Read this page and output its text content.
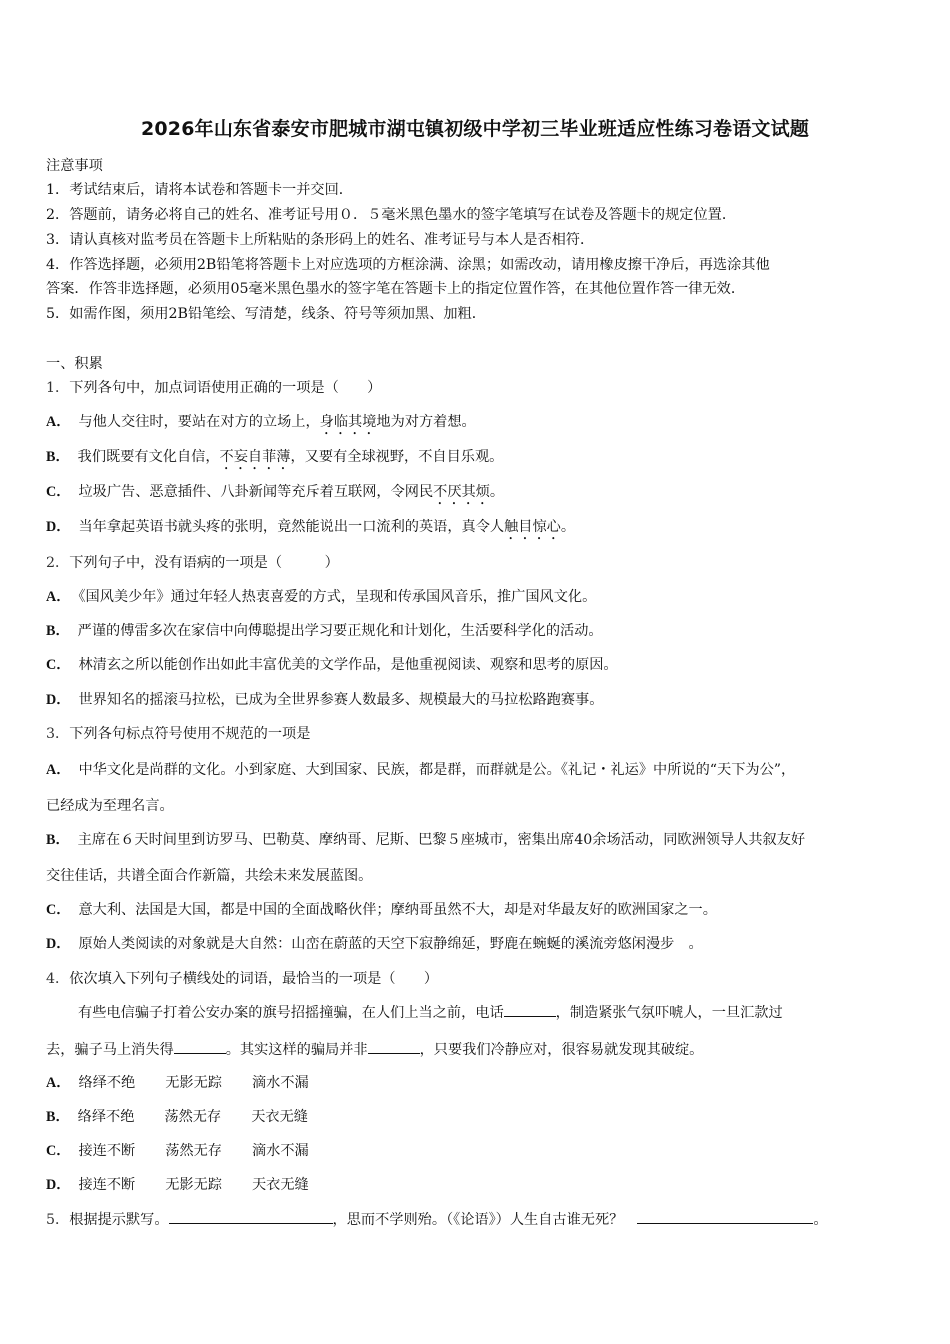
2026年山东省泰安市肥城市湖屯镇初级中学初三毕业班适应性练习卷语文试题
注意事项
1．考试结束后，请将本试卷和答题卡一并交回．
2．答题前，请务必将自己的姓名、准考证号用０．５毫米黑色墨水的签字笔填写在试卷及答题卡的规定位置．
3．请认真核对监考员在答题卡上所粘贴的条形码上的姓名、准考证号与本人是否相符．
4．作答选择题，必须用2B铅笔将答题卡上对应选项的方框涂满、涂黑；如需改动，请用橡皮擦干净后，再选涂其他
答案．作答非选择题，必须用05毫米黑色墨水的签字笔在答题卡上的指定位置作答，在其他位置作答一律无效．
5．如需作图，须用2B铅笔绘、写清楚，线条、符号等须加黑、加粗．
一、积累
1．下列各句中，加点词语使用正确的一项是（　　）
A． 与他人交往时，要站在对方的立场上，身临其境地为对方着想。
B． 我们既要有文化自信，不妄自菲薄，又要有全球视野，不自目乐观。
C． 垃圾广告、恶意插件、八卦新闻等充斥着互联网，令网民不厌其烦。
D． 当年拿起英语书就头疼的张明，竟然能说出一口流利的英语，真令人触目惊心。
2．下列句子中，没有语病的一项是（　　　）
A． 《国风美少年》通过年轻人热衷喜爱的方式，呈现和传承国风音乐，推广国风文化。
B． 严谨的傅雷多次在家信中向傅聪提出学习要正规化和计划化，生活要科学化的活动。
C． 林清玄之所以能创作出如此丰富优美的文学作品，是他重视阅读、观察和思考的原因。
D． 世界知名的摇滚马拉松，已成为全世界参赛人数最多、规模最大的马拉松路跑赛事。
3．下列各句标点符号使用不规范的一项是
A． 中华文化是尚群的文化。小到家庭、大到国家、民族，都是群，而群就是公。《礼记・礼运》中所说的“天下为公”，
已经成为至理名言。
B． 主席在６天时间里到访罗马、巴勒莫、摩纳哥、尼斯、巴黎５座城市，密集出席40余场活动，同欧洲领导人共叙友好
交往佳话，共谱全面合作新篇，共绘未来发展蓝图。
C． 意大利、法国是大国，都是中国的全面战略伙伴；摩纳哥虽然不大，却是对华最友好的欧洲国家之一。
D． 原始人类阅读的对象就是大自然：山峦在蔚蓝的天空下寂静绵延，野鹿在蜿蜒的溪流旁悠闲漫步　。
4．依次填入下列句子横线处的词语，最恰当的一项是（　　）
有些电信骗子打着公安办案的旗号招摇撞骗，在人们上当之前，电话	，制造紧张气氛吓唬人，一旦汇款过
去，骗子马上消失得	。其实这样的骗局并非	，只要我们冷静应对，很容易就发现其破绽。
A． 络绎不绝 无影无踪 滴水不漏
B． 络绎不绝 荡然无存 天衣无缝
C． 接连不断 荡然无存 滴水不漏
D． 接连不断 无影无踪 天衣无缝
5．根据提示默写。	，思而不学则殆。（《论语》）人生自古谁无死？	。
